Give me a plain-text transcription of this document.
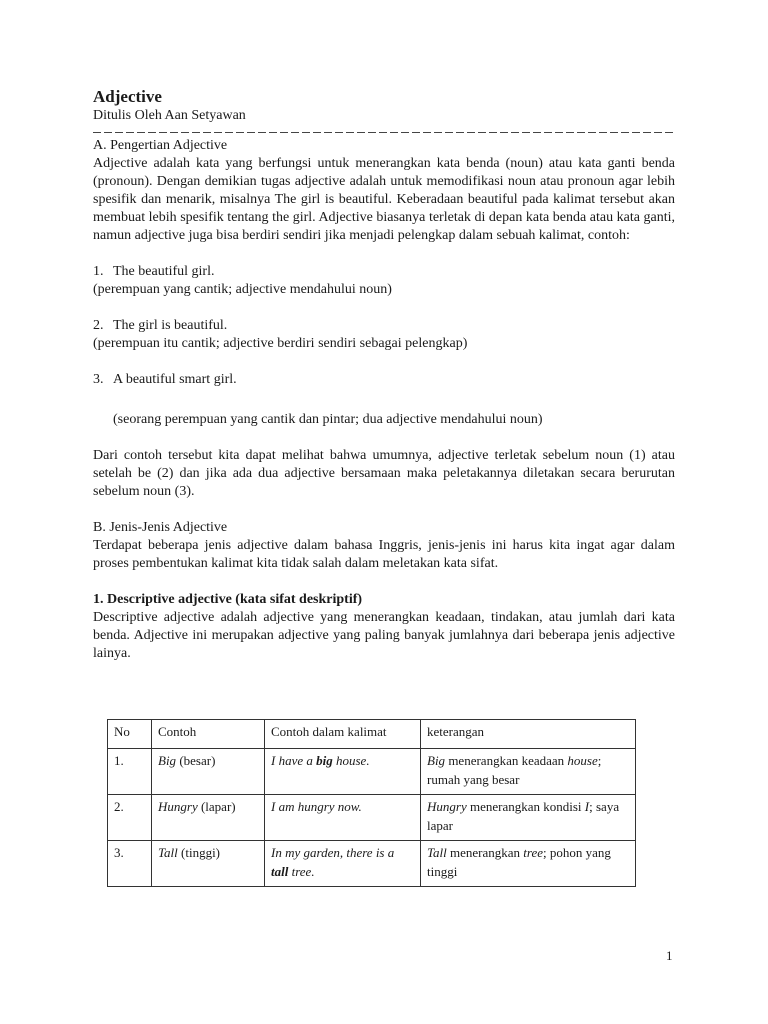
Adjective
Ditulis Oleh Aan Setyawan
A. Pengertian Adjective

Adjective adalah kata yang berfungsi untuk menerangkan kata benda (noun) atau kata ganti benda (pronoun). Dengan demikian tugas adjective adalah untuk memodifikasi noun atau pronoun agar lebih spesifik dan menarik, misalnya The girl is beautiful. Keberadaan beautiful pada kalimat tersebut akan membuat lebih spesifik tentang the girl. Adjective biasanya terletak di depan kata benda atau kata ganti, namun adjective juga bisa berdiri sendiri jika menjadi pelengkap dalam sebuah kalimat, contoh:

1. The beautiful girl.
(perempuan yang cantik; adjective mendahului noun)
2. The girl is beautiful.
(perempuan itu cantik; adjective berdiri sendiri sebagai pelengkap)
3. A beautiful smart girl.
(seorang perempuan yang cantik dan pintar; dua adjective mendahului noun)

Dari contoh tersebut kita dapat melihat bahwa umumnya, adjective terletak sebelum noun (1) atau setelah be (2) dan jika ada dua adjective bersamaan maka peletakannya diletakan secara berurutan sebelum noun (3).

B. Jenis-Jenis Adjective

Terdapat beberapa jenis adjective dalam bahasa Inggris, jenis-jenis ini harus kita ingat agar dalam proses pembentukan kalimat kita tidak salah dalam meletakan kata sifat.

1. Descriptive adjective (kata sifat deskriptif)

Descriptive adjective adalah adjective yang menerangkan keadaan, tindakan, atau jumlah dari kata benda. Adjective ini merupakan adjective yang paling banyak jumlahnya dari beberapa jenis adjective lainya.

No	Contoh	Contoh dalam kalimat	keterangan
1.	Big (besar)	I have a big house.	Big menerangkan keadaan house; rumah yang besar
2.	Hungry (lapar)	I am hungry now.	Hungry menerangkan kondisi I; saya lapar
3.	Tall (tinggi)	In my garden, there is a tall tree.	Tall menerangkan tree; pohon yang tinggi
1
